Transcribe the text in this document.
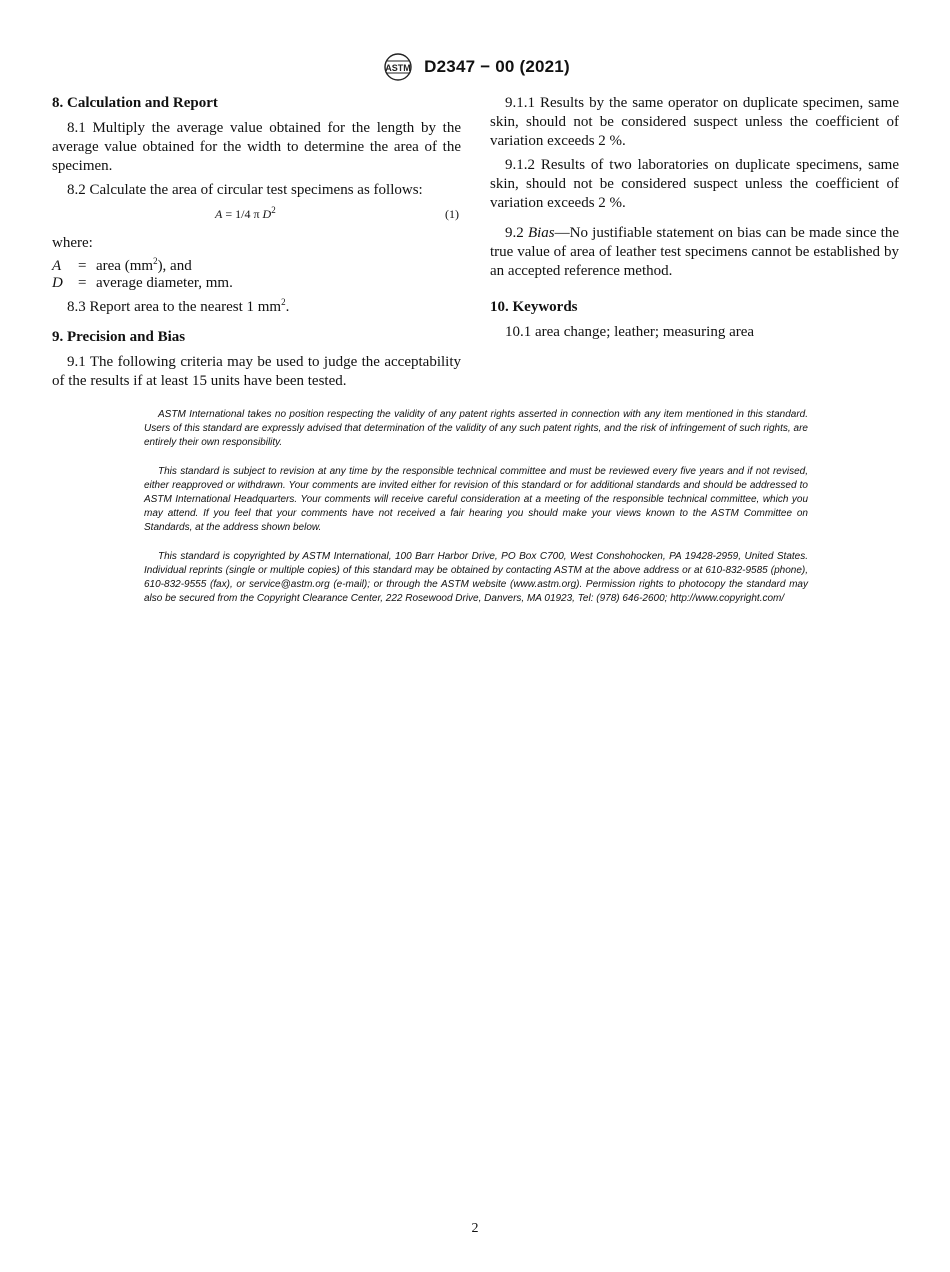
ASTM D2347 − 00 (2021)
8. Calculation and Report

8.1 Multiply the average value obtained for the length by the average value obtained for the width to determine the area of the specimen.

8.2 Calculate the area of circular test specimens as follows:

A = 1/4 π $D^2$	(1)
where:
A	= area $(mm^2)$, and
D	= average diameter, mm.

8.3 Report area to the nearest 1 $mm^2$.

9. Precision and Bias

9.1 The following criteria may be used to judge the acceptability of the results if at least 15 units have been tested.

9.1.1 Results by the same operator on duplicate specimen, same skin, should not be considered suspect unless the coefficient of variation exceeds 2 %.

9.1.2 Results of two laboratories on duplicate specimens, same skin, should not be considered suspect unless the coefficient of variation exceeds 2 %.

9.2 Bias—No justifiable statement on bias can be made since the true value of area of leather test specimens cannot be established by an accepted reference method.

10. Keywords

10.1 area change; leather; measuring area

ASTM International takes no position respecting the validity of any patent rights asserted in connection with any item mentioned in this standard. Users of this standard are expressly advised that determination of the validity of any such patent rights, and the risk of infringement of such rights, are entirely their own responsibility.

This standard is subject to revision at any time by the responsible technical committee and must be reviewed every five years and if not revised, either reapproved or withdrawn. Your comments are invited either for revision of this standard or for additional standards and should be addressed to ASTM International Headquarters. Your comments will receive careful consideration at a meeting of the responsible technical committee, which you may attend. If you feel that your comments have not received a fair hearing you should make your views known to the ASTM Committee on Standards, at the address shown below.

This standard is copyrighted by ASTM International, 100 Barr Harbor Drive, PO Box C700, West Conshohocken, PA 19428-2959, United States. Individual reprints (single or multiple copies) of this standard may be obtained by contacting ASTM at the above address or at 610-832-9585 (phone), 610-832-9555 (fax), or service@astm.org (e-mail); or through the ASTM website (www.astm.org). Permission rights to photocopy the standard may also be secured from the Copyright Clearance Center, 222 Rosewood Drive, Danvers, MA 01923, Tel: (978) 646-2600; http://www.copyright.com/

2
